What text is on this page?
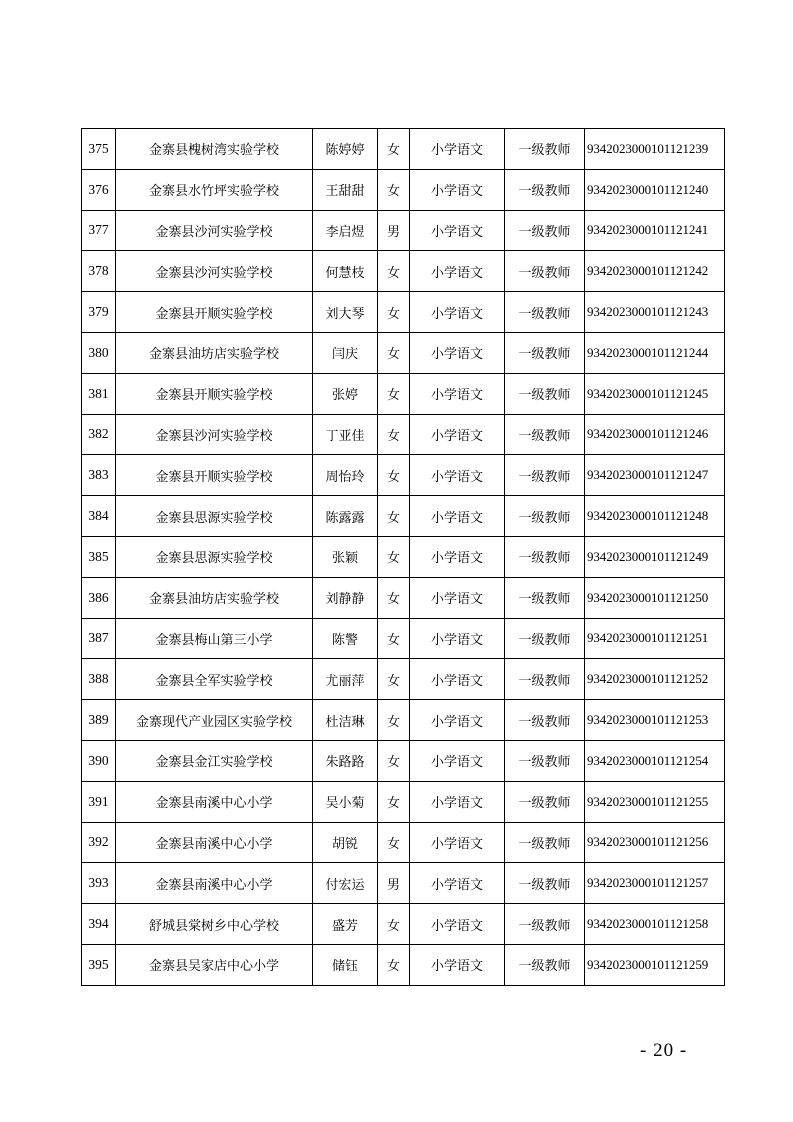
375	金寨县槐树湾实验学校	陈婷婷	女	小学语文	一级教师	9342023000101121239
376	金寨县水竹坪实验学校	王甜甜	女	小学语文	一级教师	9342023000101121240
377	金寨县沙河实验学校	李启煜	男	小学语文	一级教师	9342023000101121241
378	金寨县沙河实验学校	何慧枝	女	小学语文	一级教师	9342023000101121242
379	金寨县开顺实验学校	刘大琴	女	小学语文	一级教师	9342023000101121243
380	金寨县油坊店实验学校	闫庆	女	小学语文	一级教师	9342023000101121244
381	金寨县开顺实验学校	张婷	女	小学语文	一级教师	9342023000101121245
382	金寨县沙河实验学校	丁亚佳	女	小学语文	一级教师	9342023000101121246
383	金寨县开顺实验学校	周怡玲	女	小学语文	一级教师	9342023000101121247
384	金寨县思源实验学校	陈露露	女	小学语文	一级教师	9342023000101121248
385	金寨县思源实验学校	张颖	女	小学语文	一级教师	9342023000101121249
386	金寨县油坊店实验学校	刘静静	女	小学语文	一级教师	9342023000101121250
387	金寨县梅山第三小学	陈警	女	小学语文	一级教师	9342023000101121251
388	金寨县全军实验学校	尤丽萍	女	小学语文	一级教师	9342023000101121252
389	金寨现代产业园区实验学校	杜洁琳	女	小学语文	一级教师	9342023000101121253
390	金寨县金江实验学校	朱路路	女	小学语文	一级教师	9342023000101121254
391	金寨县南溪中心小学	吴小菊	女	小学语文	一级教师	9342023000101121255
392	金寨县南溪中心小学	胡锐	女	小学语文	一级教师	9342023000101121256
393	金寨县南溪中心小学	付宏运	男	小学语文	一级教师	9342023000101121257
394	舒城县棠树乡中心学校	盛芳	女	小学语文	一级教师	9342023000101121258
395	金寨县吴家店中心小学	储钰	女	小学语文	一级教师	9342023000101121259
- 20 -
